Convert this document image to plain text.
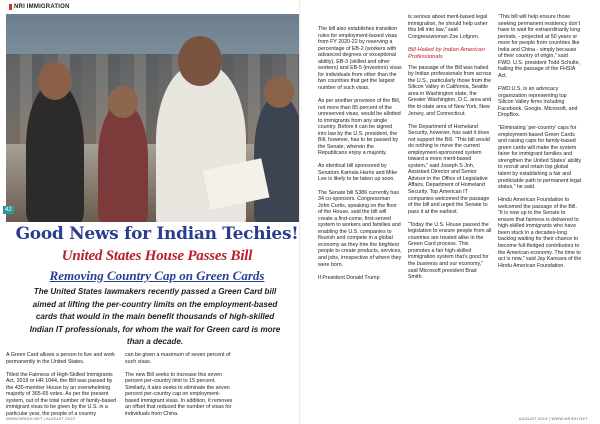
NRI IMMIGRATION
42
Good News for Indian Techies!
United States House Passes Bill
Removing Country Cap on Green Cards
The United States lawmakers recently passed a Green Card bill aimed at lifting the per-country limits on the employment-based cards that would in the main benefit thousands of high-skilled Indian IT professionals, for whom the wait for Green card is more than a decade.

A Green Card allows a person to live and work permanently in the United States.

Titled the Fairness of High-Skilled Immigrants Act, 2019 or HR 1044, the Bill was passed by the 435-member House by an overwhelming majority of 365-65 votes. As per the present system, out of the total number of family-based immigrant visas to be given by the U.S. in a particular year, the people of a country

can be given a maximum of seven percent of such visas.

The new Bill seeks to increase this seven percent per-country limit to 15 percent. Similarly, it also seeks to eliminate the seven percent per-country cap on employment-based immigrant visas. In addition, it removes an offset that reduced the number of visas for individuals from China.

WWW.NRIDH.NET | AUGUST 2019

The bill also establishes transition rules for employment-based visas from FY 2020-22 by reserving a percentage of EB-2 (workers with advanced degrees or exceptional ability), EB-3 (skilled and other workers) and EB-5 (investors) visas for individuals from other than the two countries that get the largest number of such visas.

As per another provision of the Bill, not more than 85 percent of the unreserved visas, would be allotted to immigrants from any single country. Before it can be signed into law by the U.S. president, the Bill, however, has to be passed by the Senate, wherein the Republicans enjoy a majority.

An identical bill sponsored by Senators Kamala Harris and Mike Lee is likely to be taken up soon.

The Senate bill S386 currently has 34 co-sponsors. Congressman John Curtis, speaking on the floor of the House, said the bill will create a first-come, first-served system to workers and families and enabling the U.S. companies to flourish and compete in a global economy as they hire the brightest people to create products, services, and jobs, irrespective of where they were born.

If President Donald Trump

is serious about merit-based legal immigration, he should help usher this bill into law,” said Congresswoman Zoe Lofgren.

Bill Hailed by Indian American Professionals

The passage of the Bill was hailed by Indian professionals from across the U.S., particularly those from the Silicon Valley in California, Seattle area in Washington state, the Greater Washington, D.C. area and the tri-state area of New York, New Jersey, and Connecticut.

The Department of Homeland Security, however, has said it does not support the Bill. “This bill would do nothing to move the current employment-sponsored system toward a more merit-based system,” said Joseph S Joh, Assistant Director and Senior Advisor in the Office of Legislative Affairs, Department of Homeland Security. Top American IT companies welcomed the passage of the bill and urged the Senate to pass it at the earliest.

“Today the U.S. House passed the legislation to ensure people from all countries are treated alike in the Green Card process. This promotes a fair high-skilled immigration system that’s good for the business and our economy,” said Microsoft president Brad Smith.

“This bill will help ensure those seeking permanent residency don’t have to wait for extraordinarily long periods, - projected at 50 years or more for people from countries like India and China - simply because of their country of origin,” said FWD. U.S. president Todd Schulte, hailing the passage of the FHSIA Act.

FWD.U.S. is an advocacy organization representing top Silicon Valley firms including Facebook, Google, Microsoft, and DropBox.

“Eliminating ‘per-country’ caps for employment-based Green Cards and raising caps for family-based green cards will make the system fairer for immigrant families and strengthen the United States’ ability to recruit and retain top global talent by establishing a fair and predictable path to permanent legal status,” he said.

Hindu American Foundation to welcomed the passage of the Bill. “It is now up to the Senate to ensure that fairness is delivered to high-skilled immigrants who have been stuck in a decades-long backlog waiting for their chance to become full-fledged contributors to the American economy. The time to act is now,” said Jay Kansara of the Hindu American Foundation.

AUGUST 2019 | WWW.NRIDH.NET
